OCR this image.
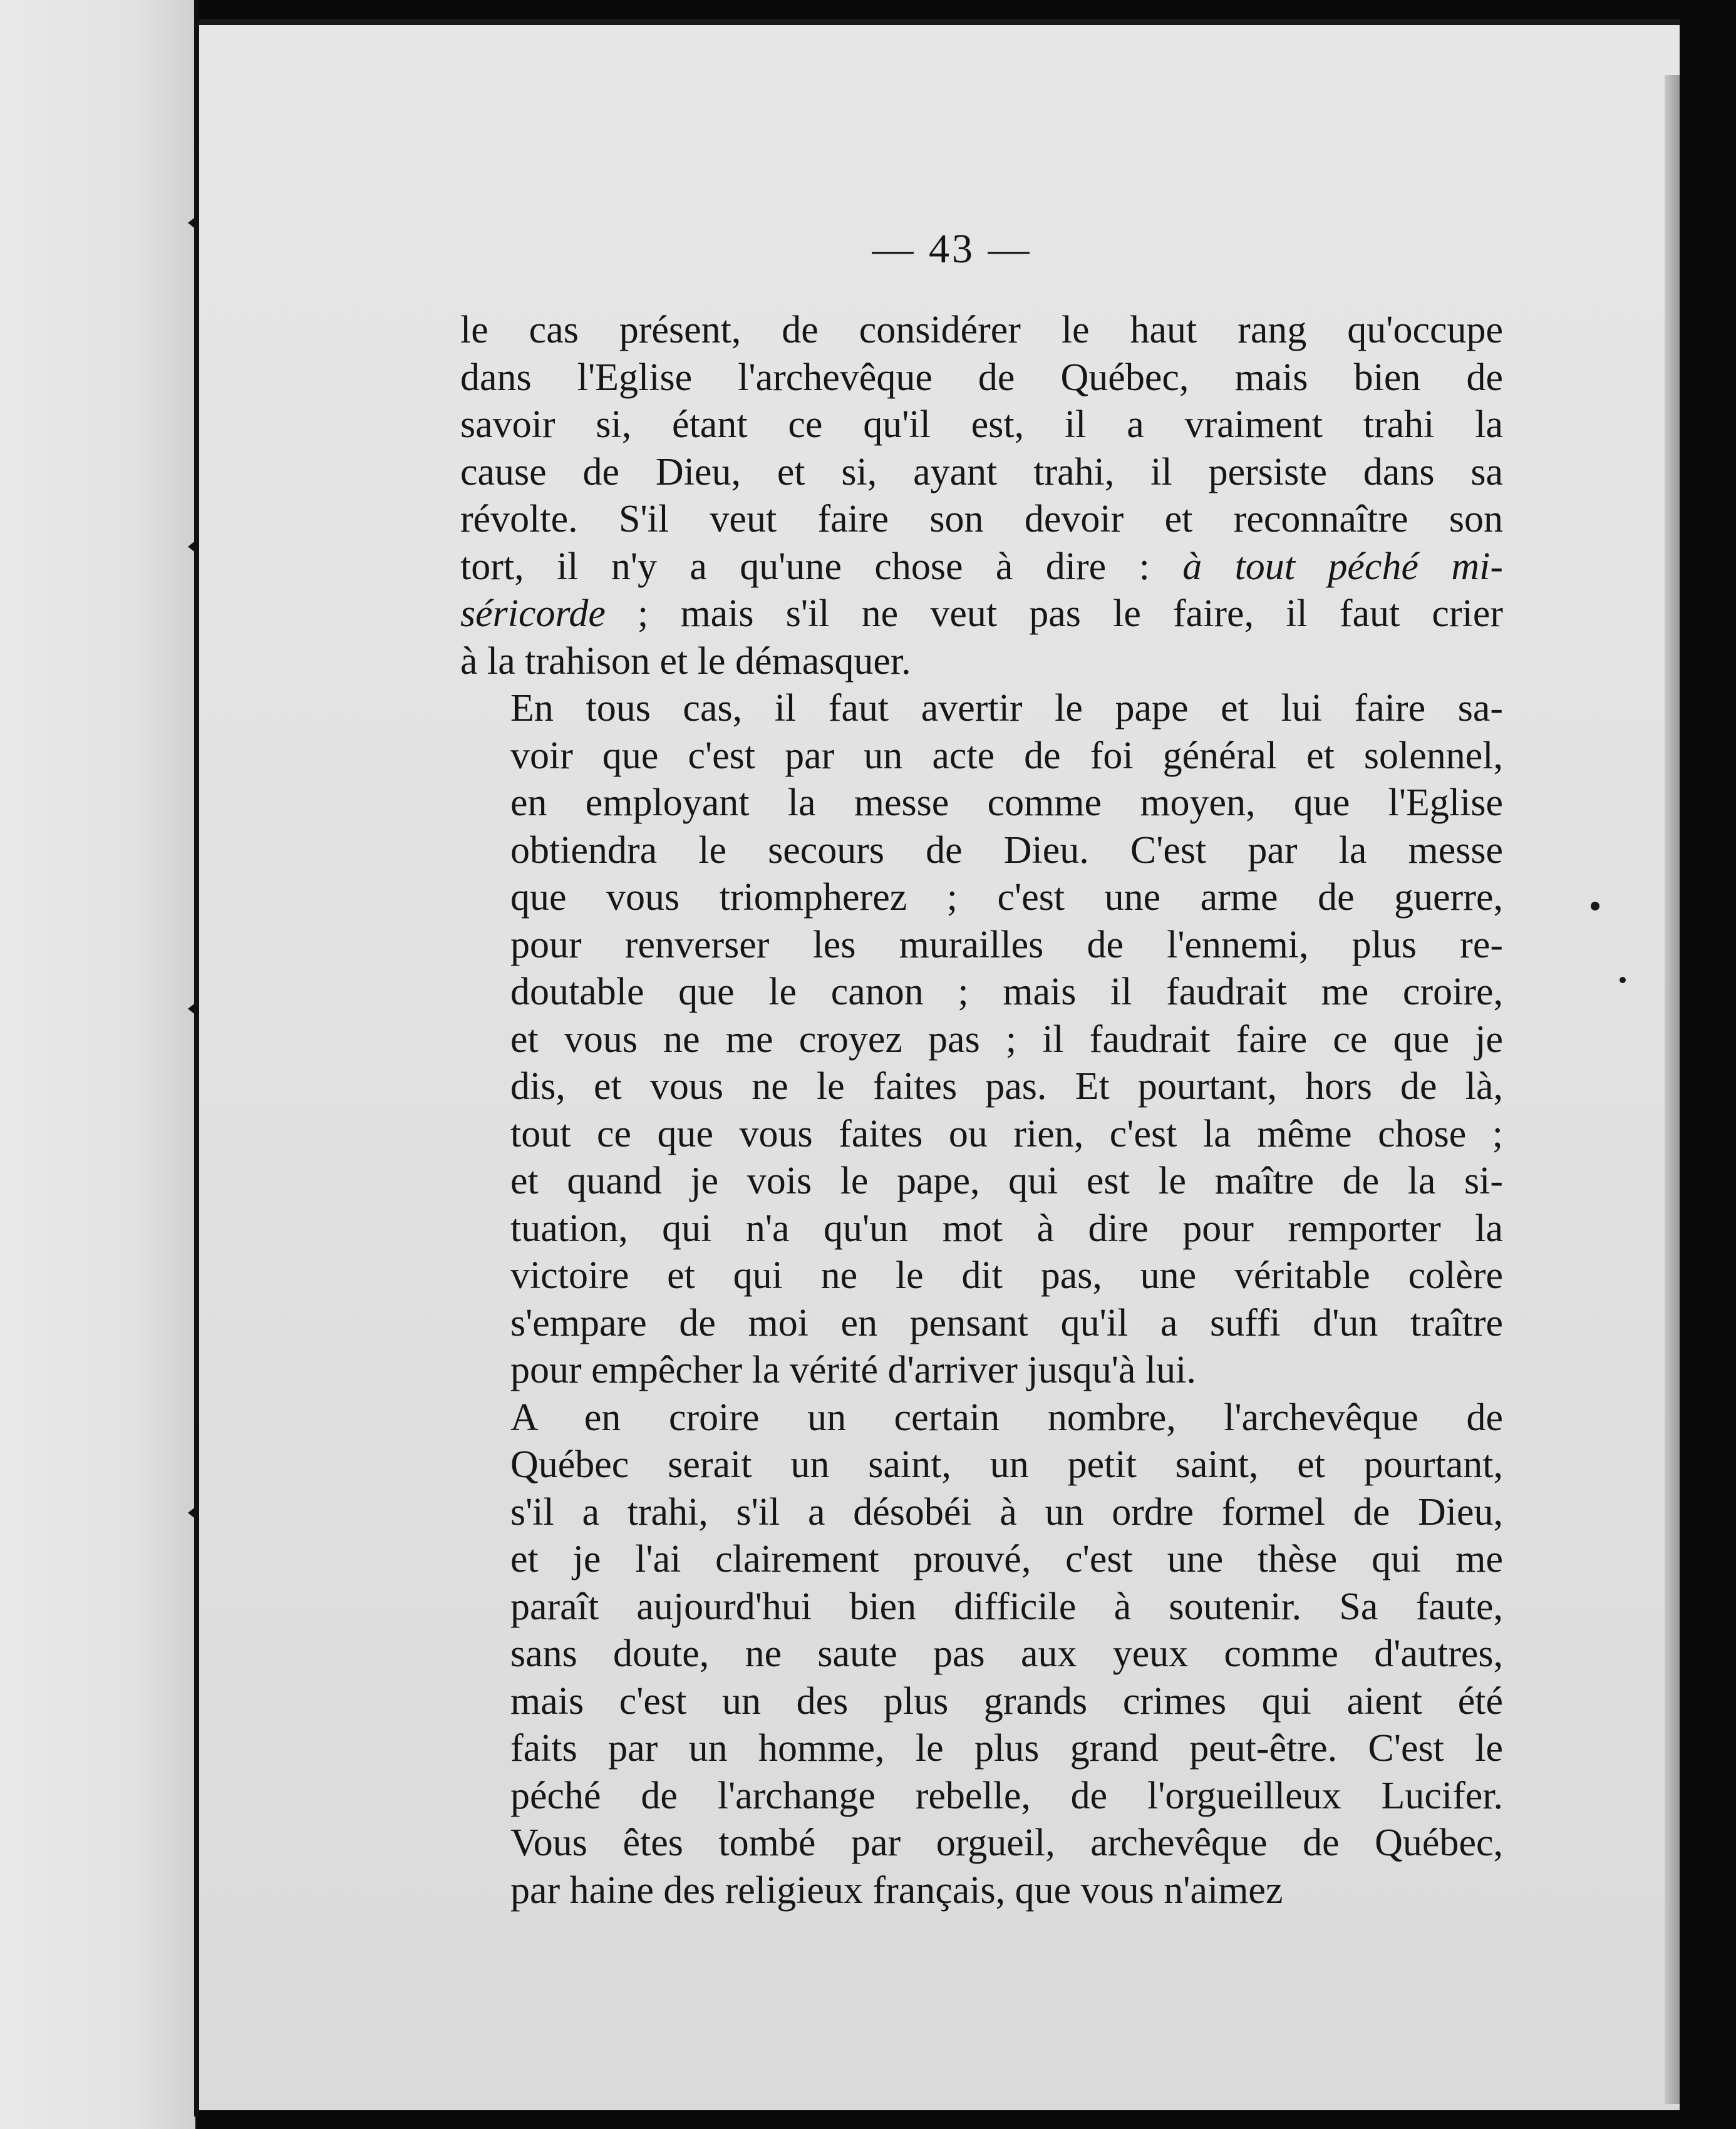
— 43 —

le cas présent, de considérer le haut rang qu'occupe
dans l'Eglise l'archevêque de Québec, mais bien de
savoir si, étant ce qu'il est, il a vraiment trahi la
cause de Dieu, et si, ayant trahi, il persiste dans sa
révolte. S'il veut faire son devoir et reconnaître son
tort, il n'y a qu'une chose à dire : à tout péché mi-
séricorde ; mais s'il ne veut pas le faire, il faut crier
à la trahison et le démasquer.

En tous cas, il faut avertir le pape et lui faire sa-
voir que c'est par un acte de foi général et solennel,
en employant la messe comme moyen, que l'Eglise
obtiendra le secours de Dieu. C'est par la messe
que vous triompherez ; c'est une arme de guerre,
pour renverser les murailles de l'ennemi, plus re-
doutable que le canon ; mais il faudrait me croire,
et vous ne me croyez pas ; il faudrait faire ce que je
dis, et vous ne le faites pas. Et pourtant, hors de là,
tout ce que vous faites ou rien, c'est la même chose ;
et quand je vois le pape, qui est le maître de la si-
tuation, qui n'a qu'un mot à dire pour remporter la
victoire et qui ne le dit pas, une véritable colère
s'empare de moi en pensant qu'il a suffi d'un traître
pour empêcher la vérité d'arriver jusqu'à lui.

A en croire un certain nombre, l'archevêque de
Québec serait un saint, un petit saint, et pourtant,
s'il a trahi, s'il a désobéi à un ordre formel de Dieu,
et je l'ai clairement prouvé, c'est une thèse qui me
paraît aujourd'hui bien difficile à soutenir. Sa faute,
sans doute, ne saute pas aux yeux comme d'autres,
mais c'est un des plus grands crimes qui aient été
faits par un homme, le plus grand peut-être. C'est le
péché de l'archange rebelle, de l'orgueilleux Lucifer.
Vous êtes tombé par orgueil, archevêque de Québec,
par haine des religieux français, que vous n'aimez
